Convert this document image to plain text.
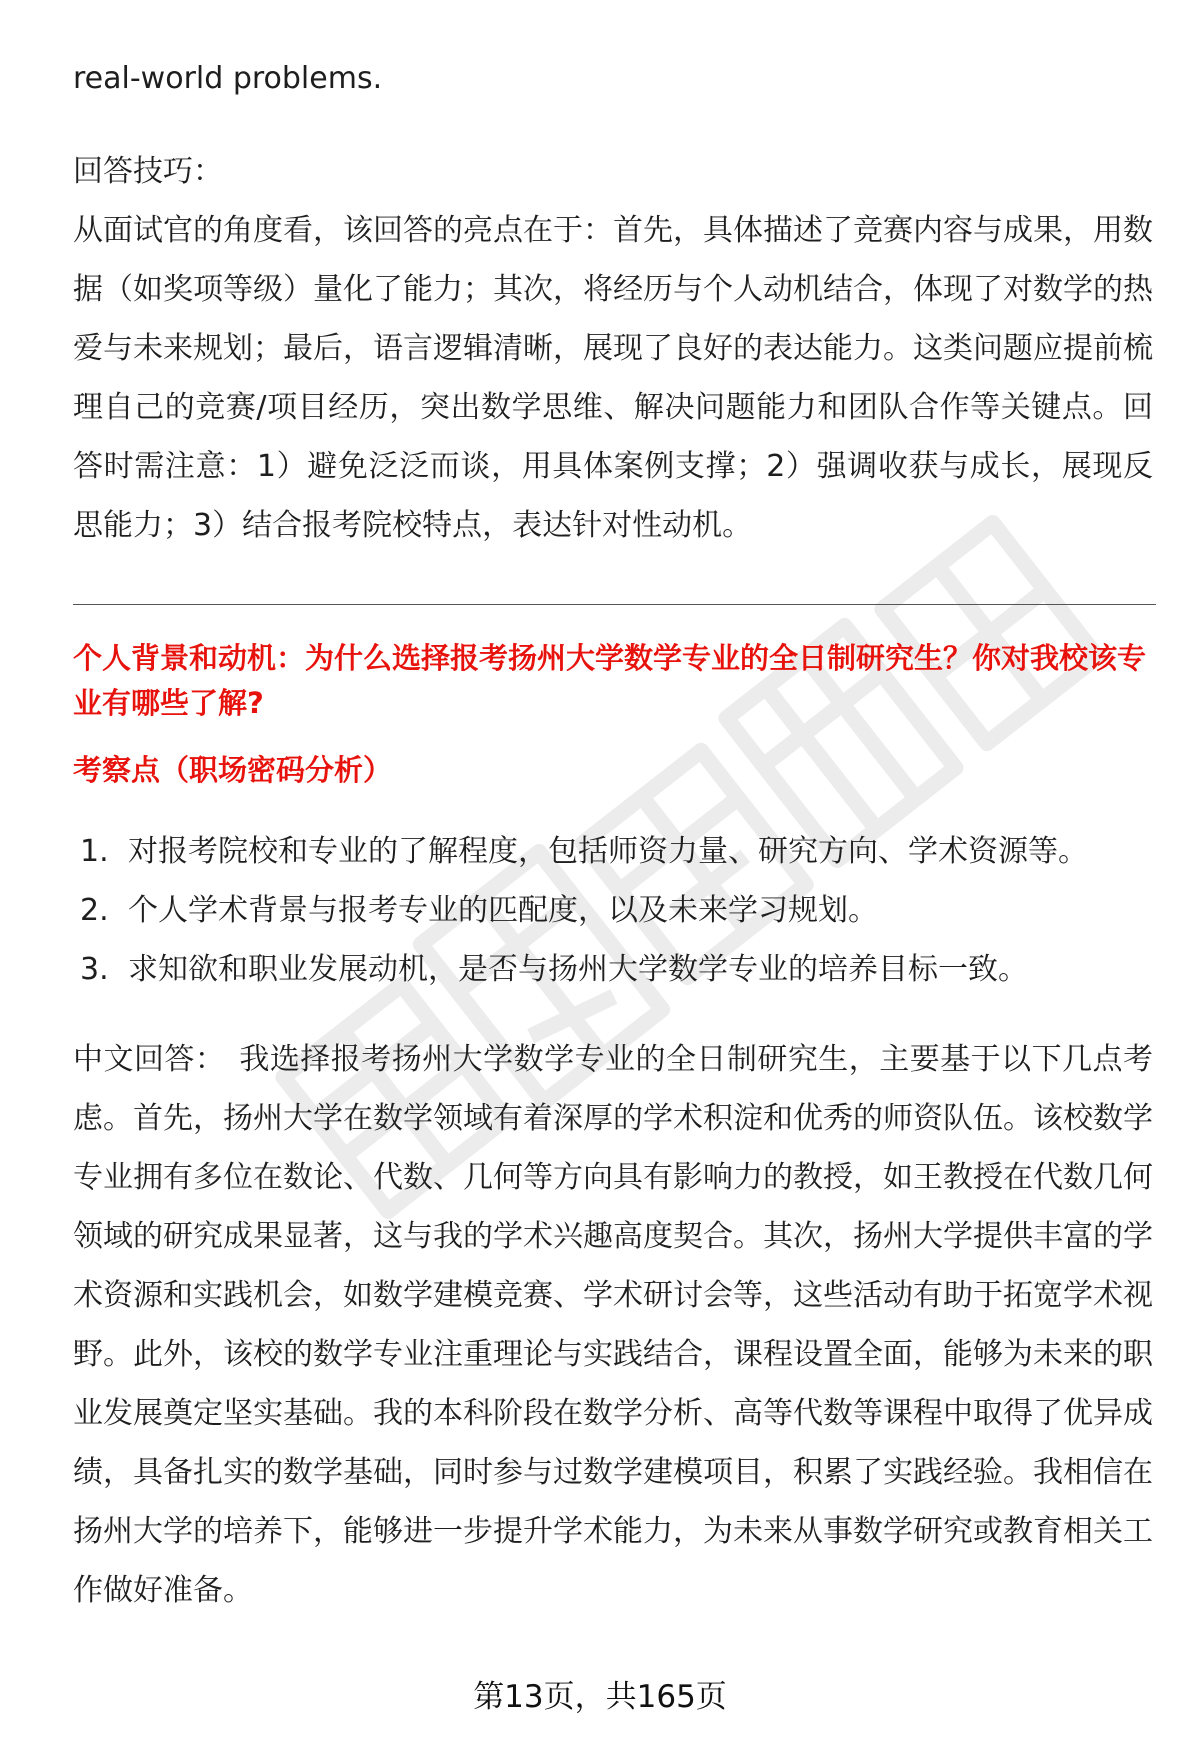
real-world problems.

回答技巧：

从面试官的角度看，该回答的亮点在于：首先，具体描述了竞赛内容与成果，用数据（如奖项等级）量化了能力；其次，将经历与个人动机结合，体现了对数学的热爱与未来规划；最后，语言逻辑清晰，展现了良好的表达能力。这类问题应提前梳理自己的竞赛/项目经历，突出数学思维、解决问题能力和团队合作等关键点。回答时需注意：1）避免泛泛而谈，用具体案例支撑；2）强调收获与成长，展现反思能力；3）结合报考院校特点，表达针对性动机。

个人背景和动机：为什么选择报考扬州大学数学专业的全日制研究生？你对我校该专业有哪些了解?
考察点（职场密码分析）
1. 对报考院校和专业的了解程度，包括师资力量、研究方向、学术资源等。
2. 个人学术背景与报考专业的匹配度，以及未来学习规划。
3. 求知欲和职业发展动机，是否与扬州大学数学专业的培养目标一致。

中文回答： 我选择报考扬州大学数学专业的全日制研究生，主要基于以下几点考虑。首先，扬州大学在数学领域有着深厚的学术积淀和优秀的师资队伍。该校数学专业拥有多位在数论、代数、几何等方向具有影响力的教授，如王教授在代数几何领域的研究成果显著，这与我的学术兴趣高度契合。其次，扬州大学提供丰富的学术资源和实践机会，如数学建模竞赛、学术研讨会等，这些活动有助于拓宽学术视野。此外，该校的数学专业注重理论与实践结合，课程设置全面，能够为未来的职业发展奠定坚实基础。我的本科阶段在数学分析、高等代数等课程中取得了优异成绩，具备扎实的数学基础，同时参与过数学建模项目，积累了实践经验。我相信在扬州大学的培养下，能够进一步提升学术能力，为未来从事数学研究或教育相关工作做好准备。

第13页，共165页
